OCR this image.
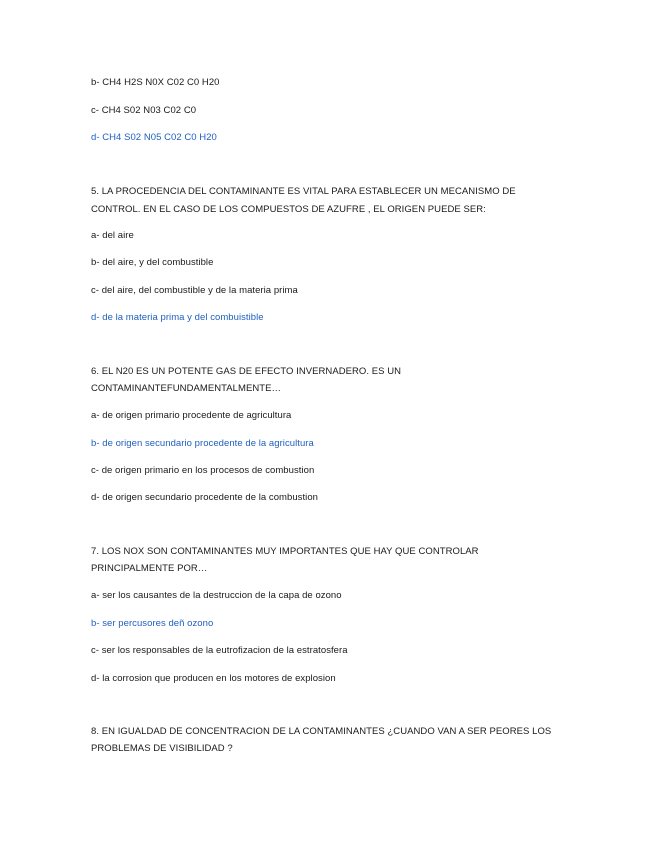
b- CH4 H2S N0X C02 C0 H20
c- CH4 S02 N03 C02 C0
d- CH4 S02 N05 C02 C0 H20
5. LA PROCEDENCIA DEL CONTAMINANTE ES VITAL PARA ESTABLECER UN MECANISMO DE
CONTROL. EN EL CASO DE LOS COMPUESTOS DE AZUFRE , EL ORIGEN PUEDE SER:
a- del aire
b- del aire, y del combustible
c- del aire, del combustible y de la materia prima
d- de la materia prima y del combuistible
6. EL N20 ES UN POTENTE GAS DE EFECTO INVERNADERO. ES UN
CONTAMINANTEFUNDAMENTALMENTE…
a- de origen primario procedente de agricultura
b- de origen secundario procedente de la agricultura
c- de origen primario en los procesos de combustion
d- de origen secundario procedente de la combustion
7. LOS NOX SON CONTAMINANTES MUY IMPORTANTES QUE HAY QUE CONTROLAR
PRINCIPALMENTE POR…
a- ser los causantes de la destruccion de la capa de ozono
b- ser percusores deñ ozono
c- ser los responsables de la eutrofizacion de la estratosfera
d- la corrosion que producen en los motores de explosion
8. EN IGUALDAD DE CONCENTRACION DE LA CONTAMINANTES ¿CUANDO VAN A SER PEORES LOS
PROBLEMAS DE VISIBILIDAD ?
